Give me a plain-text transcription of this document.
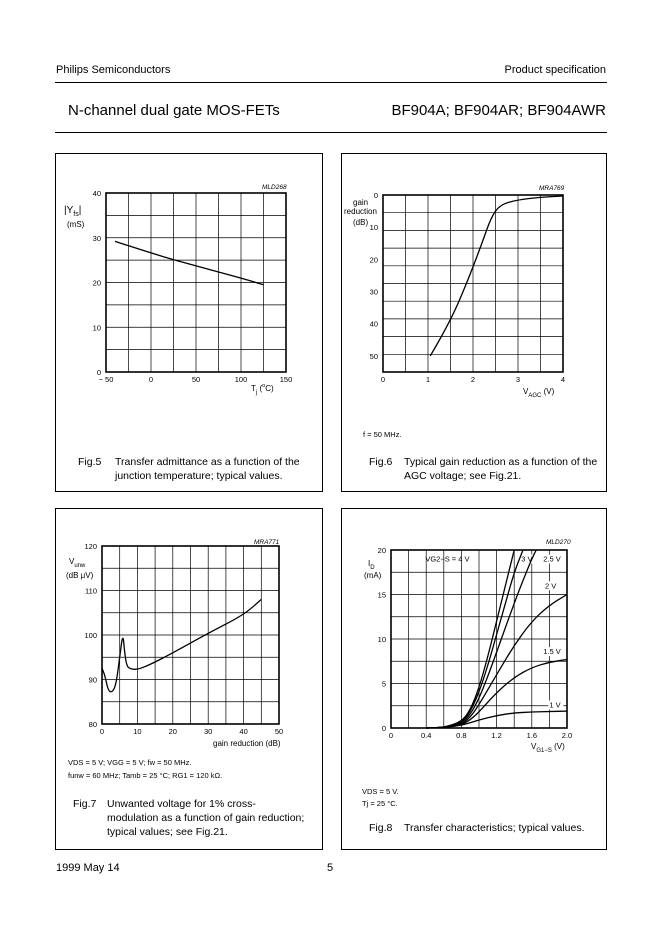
Philips Semiconductors	Product specification
N-channel dual gate MOS-FETs	BF904A; BF904AR; BF904AWR
− 50	0	50	100	150
0
10
20
30
40
MLD268
$|Y_{fs}|$
(mS)
$T_j$ ($^o$C)
Fig.5 Transfer admittance as a function of the junction temperature; typical values.
0	1	2	3	4
0
10
20
30
40
50
MRA769
gain
reduction
(dB)
$V_{AGC}$ (V)
f = 50 MHz.
Fig.6 Typical gain reduction as a function of the AGC voltage; see Fig.21.
0	10	20	30	40	50
80
90
100
110
120	MRA771
$V_{unw}$
(dB μV)
gain reduction (dB)
VDS = 5 V; VGG = 5 V; fw = 50 MHz.
funw = 60 MHz; Tamb = 25 °C; RG1 = 120 kΩ.
Fig.7 Unwanted voltage for 1% cross-modulation as a function of gain reduction; typical values; see Fig.21.
0	0.4	0.8	1.2	1.6	2.0
0
5
10
15
20
VG2−S = 4 V	3 V 2.5 V
2 V
1.5 V
1 V
MLD270
$I_D$
(mA)
$V_{G1-S}$ (V)
VDS = 5 V.
Tj = 25 °C.
Fig.8 Transfer characteristics; typical values.
1999 May 14	5
